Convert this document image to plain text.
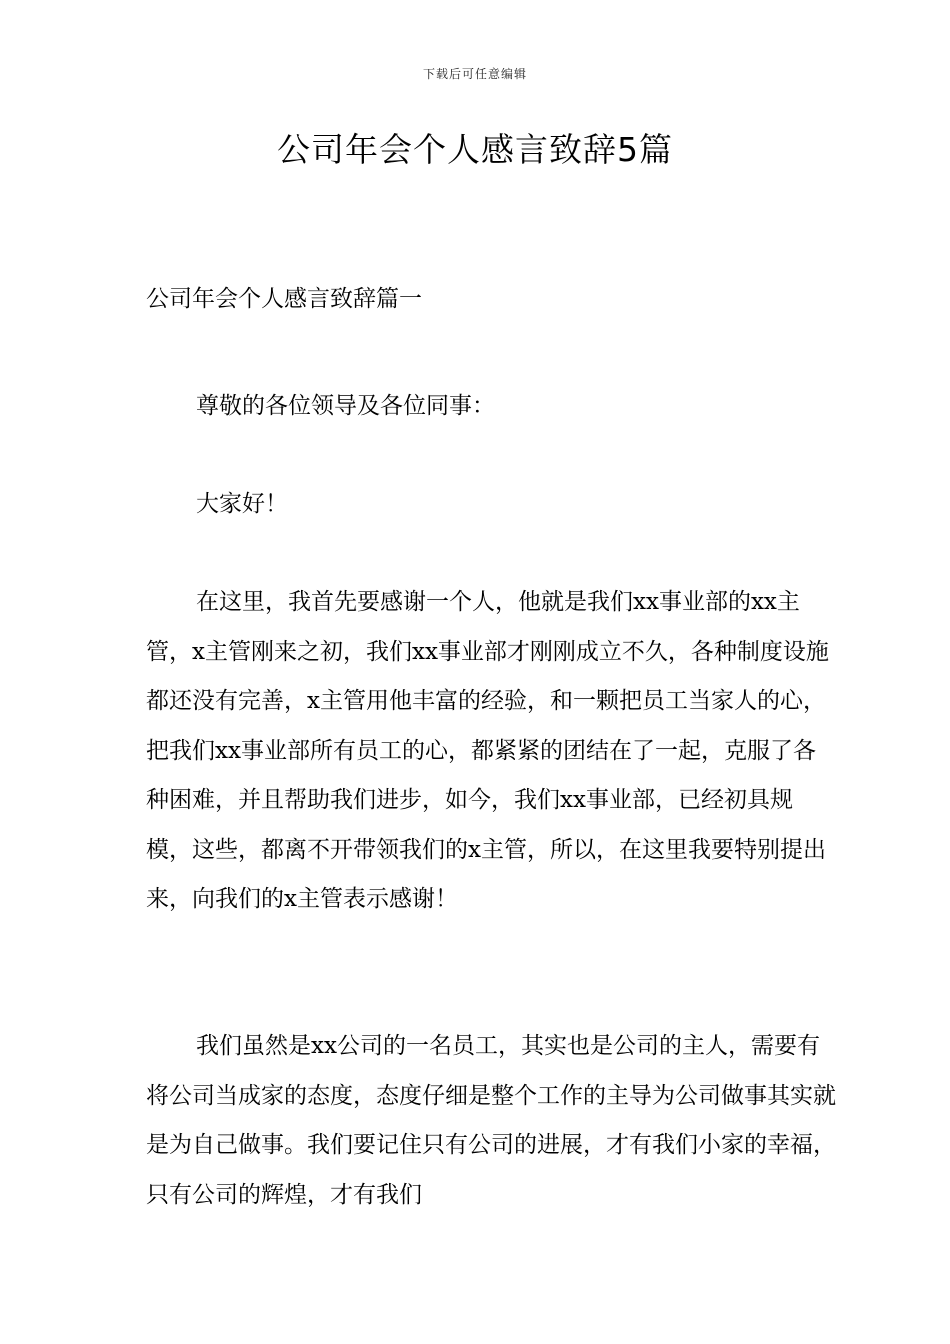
下载后可任意编辑
公司年会个人感言致辞5篇
公司年会个人感言致辞篇一

尊敬的各位领导及各位同事：

大家好！

在这里，我首先要感谢一个人，他就是我们xx事业部的xx主管，x主管刚来之初，我们xx事业部才刚刚成立不久，各种制度设施都还没有完善，x主管用他丰富的经验，和一颗把员工当家人的心，把我们xx事业部所有员工的心，都紧紧的团结在了一起，克服了各种困难，并且帮助我们进步，如今，我们xx事业部，已经初具规模，这些，都离不开带领我们的x主管，所以，在这里我要特别提出来，向我们的x主管表示感谢！

我们虽然是xx公司的一名员工，其实也是公司的主人，需要有将公司当成家的态度，态度仔细是整个工作的主导为公司做事其实就是为自己做事。我们要记住只有公司的进展，才有我们小家的幸福，只有公司的辉煌，才有我们
